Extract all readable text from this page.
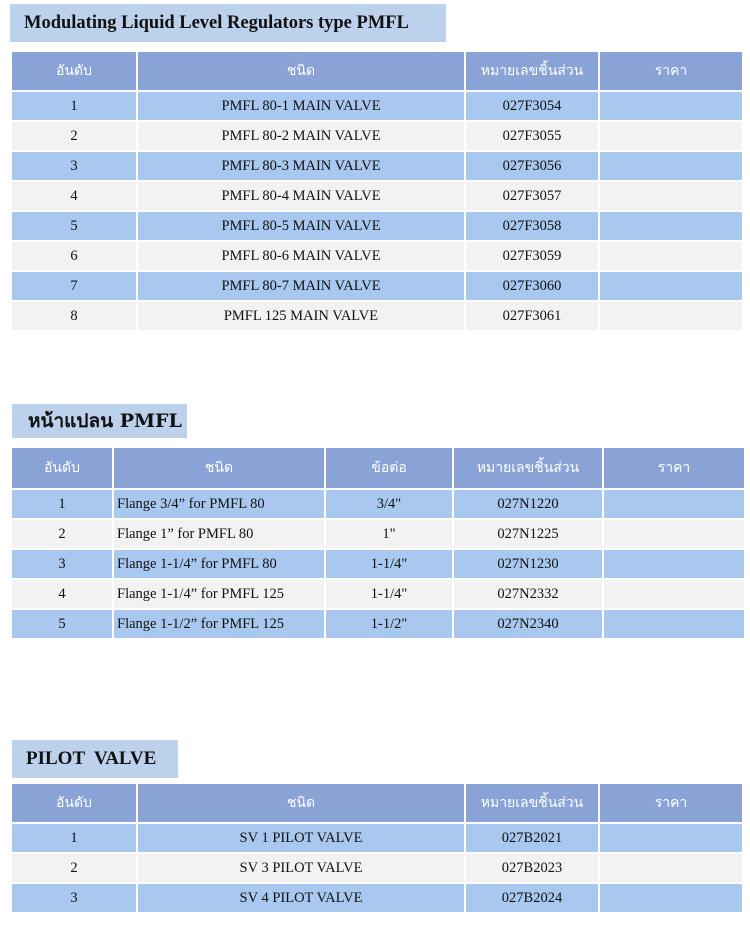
Modulating Liquid Level Regulators type PMFL
อันดับ	ชนิด	หมายเลขชิ้นส่วน	ราคา
1	PMFL 80-1 MAIN VALVE	027F3054	
2	PMFL 80-2 MAIN VALVE	027F3055	
3	PMFL 80-3 MAIN VALVE	027F3056	
4	PMFL 80-4 MAIN VALVE	027F3057	
5	PMFL 80-5 MAIN VALVE	027F3058	
6	PMFL 80-6 MAIN VALVE	027F3059	
7	PMFL 80-7 MAIN VALVE	027F3060	
8	PMFL 125 MAIN VALVE	027F3061	
หน้าแปลน PMFL
อันดับ	ชนิด	ข้อต่อ	หมายเลขชิ้นส่วน	ราคา
1	Flange 3/4” for PMFL 80	3/4"	027N1220	
2	Flange 1” for PMFL 80	1"	027N1225	
3	Flange 1-1/4” for PMFL 80	1-1/4"	027N1230	
4	Flange 1-1/4” for PMFL 125	1-1/4"	027N2332	
5	Flange 1-1/2” for PMFL 125	1-1/2"	027N2340	
PILOT  VALVE
อันดับ	ชนิด	หมายเลขชิ้นส่วน	ราคา
1	SV 1 PILOT VALVE	027B2021	
2	SV 3 PILOT VALVE	027B2023	
3	SV 4 PILOT VALVE	027B2024	
